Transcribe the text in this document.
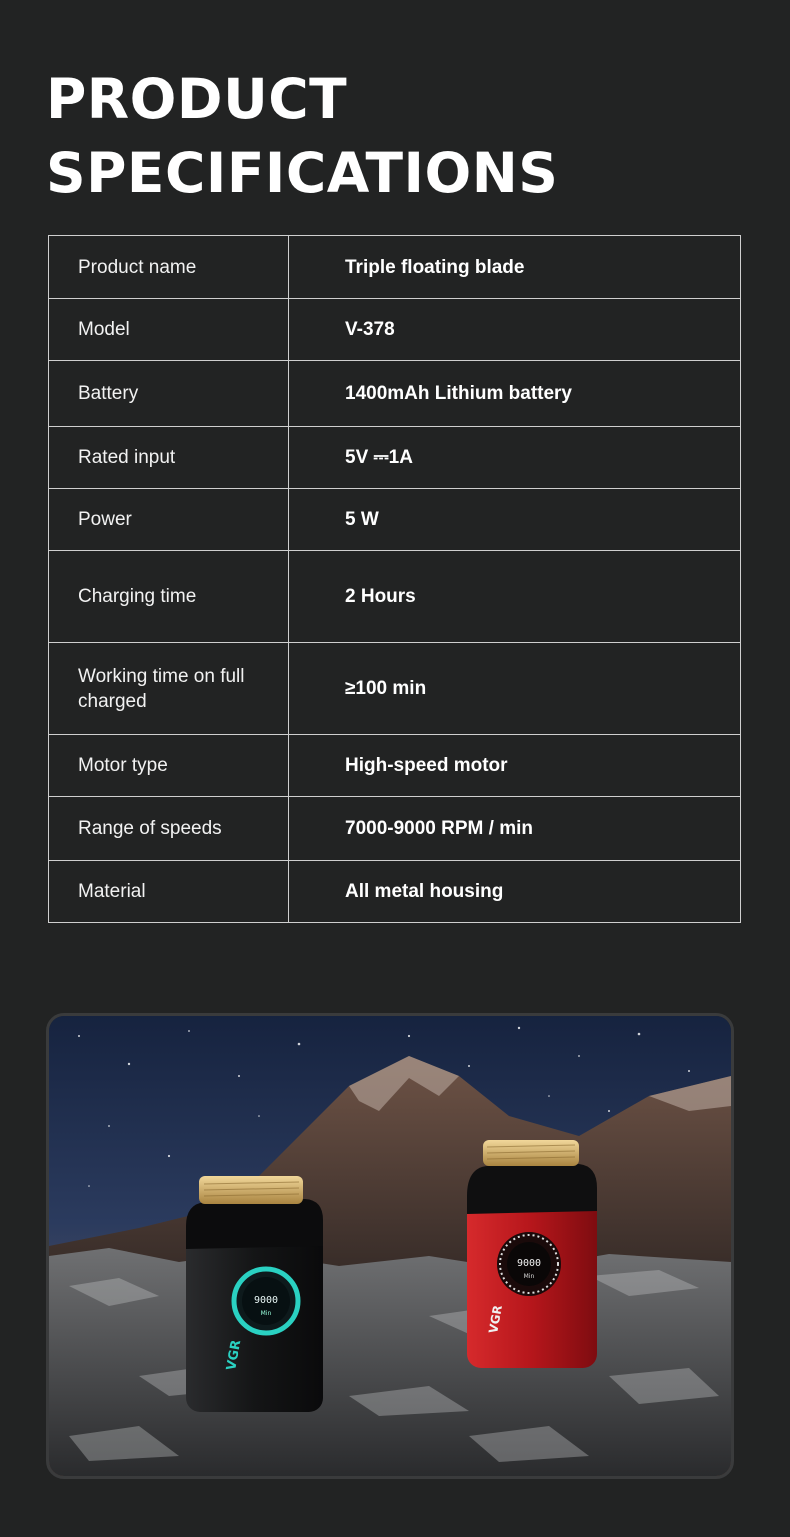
PRODUCT
SPECIFICATIONS
Product name	Triple floating blade
Model	V-378
Battery	1400mAh Lithium battery
Rated input	5V ⎓1A
Power	5 W
Charging time	2 Hours
Working time on full charged	≥100 min
Motor type	High-speed motor
Range of speeds	7000-9000 RPM / min
Material	All metal housing
9000
Min
VGR
9000
Min
VGR
